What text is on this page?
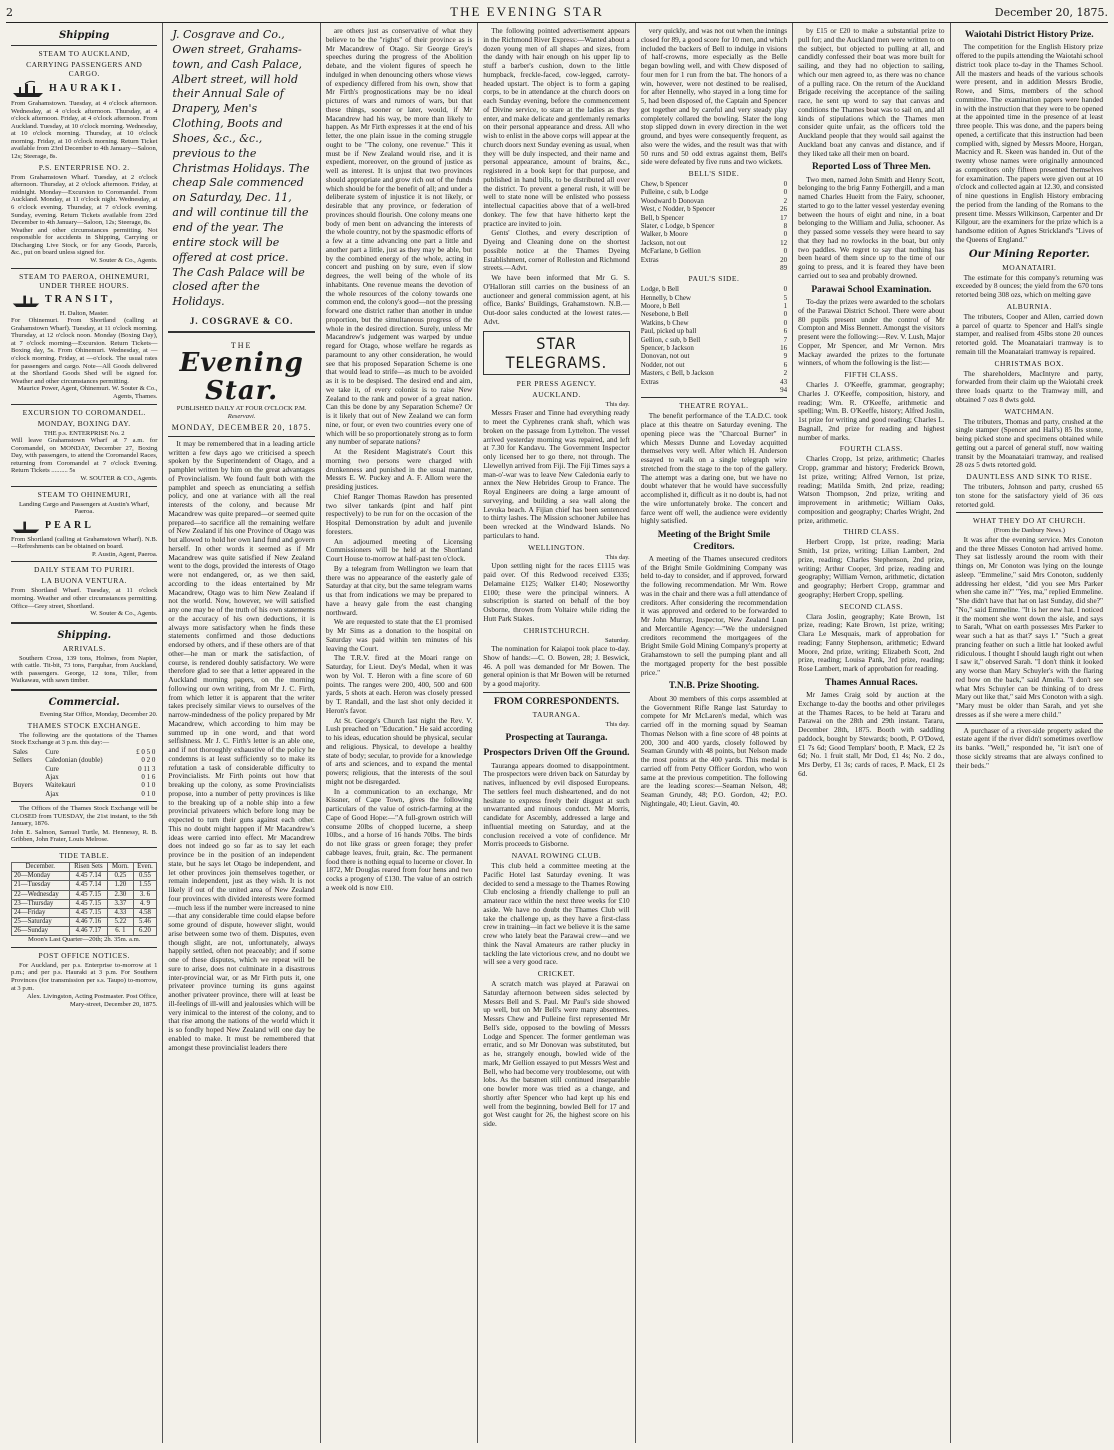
2	THE EVENING STAR	December 20, 1875.
Shipping
STEAM TO AUCKLAND,
CARRYING PASSENGERS AND CARGO.
HAURAKI.
From Grahamstown. Tuesday, at 4 o'clock afternoon. Wednesday, at 4 o'clock afternoon. Thursday, at 4 o'clock afternoon. Friday, at 4 o'clock afternoon. From Auckland. Tuesday, at 10 o'clock morning. Wednesday, at 10 o'clock morning. Thursday, at 10 o'clock morning. Friday, at 10 o'clock morning. Return Ticket available from 23rd December to 4th January—Saloon, 12s; Steerage, 8s.
P.S. ENTERPRISE NO. 2.
From Grahamstown Wharf. Tuesday, at 2 o'clock afternoon. Thursday, at 2 o'clock afternoon. Friday, at midnight. Monday—Excursion to Coromandel. From Auckland. Monday, at 11 o'clock night. Wednesday, at 6 o'clock evening. Thursday, at 7 o'clock evening. Sunday, evening. Return Tickets available from 23rd December to 4th January—Saloon, 12s; Steerage, 8s.
Weather and other circumstances permitting. Not responsible for accidents in Shipping, Carrying or Discharging Live Stock, or for any Goods, Parcels, &c., put on board unless signed for.
W. Souter & Co., Agents.
STEAM TO PAEROA, OHINEMURI, UNDER THREE HOURS.
TRANSIT,
H. Dalton, Master.
For Ohinemuri. From Shortland (calling at Grahamstown Wharf). Tuesday, at 11 o'clock morning. Thursday, at 12 o'clock noon. Monday (Boxing Day), at 7 o'clock morning—Excursion. Return Tickets—Boxing day, 5s. From Ohinemuri. Wednesday, at —o'clock morning. Friday, at —o'clock. The usual rates for passengers and cargo. Note—All Goods delivered at the Shortland Goods Shed will be signed for. Weather and other circumstances permitting.
Maurice Power, Agent, Ohinemuri. W. Souter & Co., Agents, Thames.
EXCURSION TO COROMANDEL.
MONDAY, BOXING DAY.
THE p.s. ENTERPRISE No. 2
Will leave Grahamstown Wharf at 7 a.m. for Coromandel, on MONDAY, December 27, Boxing Day, with passengers, to attend the Coromandel Races, returning from Coromandel at 7 o'clock Evening. Return Tickets .......... 5s
W. SOUTER & CO., Agents.
STEAM TO OHINEMURI,
Landing Cargo and Passengers at Austin's Wharf, Paeroa.
PEARL
From Shortland (calling at Grahamstown Wharf). N.B.—Refreshments can be obtained on board.
P. Austin, Agent, Paeroa.
DAILY STEAM TO PURIRI.
LA BUONA VENTURA.
From Shortland Wharf. Tuesday, at 11 o'clock morning. Weather and other circumstances permitting. Office—Grey street, Shortland.
W. Souter & Co., Agents.
Shipping.
ARRIVALS.

Southern Cross, 139 tons, Holmes, from Napier, with cattle. Tit-bit, 73 tons, Farquhar, from Auckland, with passengers. George, 12 tons, Tiller, from Waikawau, with sawn timber.

Commercial.
Evening Star Office, Monday, December 20.
THAMES STOCK EXCHANGE.

The following are the quotations of the Thames Stock Exchange at 3 p.m. this day:—

Sales	Cure	£ 0 5 0
Sellers	Caledonian (double)	0 2 0
	Cure	0 11 3
	Ajax	0 1 6
Buyers	Waitekauri	0 1 0
	Ajax	0 1 0

The Offices of the Thames Stock Exchange will be CLOSED from TUESDAY, the 21st instant, to the 5th January, 1876.

John E. Salmon, Samuel Turtle, M. Hennessy, R. B. Gribben, John Frater, Louis Melrose.
TIDE TABLE.
December.	Risen Sets	Morn.	Even.
20—Monday	4.45 7.14	0.25	0.55
21—Tuesday	4.45 7.14	1.20	1.55
22—Wednesday	4.45 7.15	2.30	3. 6
23—Thursday	4.45 7.15	3.37	4. 9
24—Friday	4.45 7.15	4.33	4.58
25—Saturday	4.46 7.16	5.22	5.46
26—Sunday	4.46 7.17	6. 1	6.20
Moon's Last Quarter—20th; 2h. 35m. a.m.
POST OFFICE NOTICES.

For Auckland, per p.s. Enterprise to-morrow at 1 p.m.; and per p.s. Hauraki at 3 p.m. For Southern Provinces (for transmission per s.s. Taupo) to-morrow, at 3 p.m.

Alex. Livingston, Acting Postmaster. Post Office, Mary-street, December 20, 1875.
J. Cosgrave and Co., Owen street, Grahams-town, and Cash Palace, Albert street, will hold their Annual Sale of Drapery, Men's Clothing, Boots and Shoes, &c., &c., previous to the Christmas Holidays. The cheap Sale commenced on Saturday, Dec. 11, and will continue till the end of the year. The entire stock will be offered at cost price. The Cash Palace will be closed after the Holidays.
J. COSGRAVE & CO.
THE
Evening Star.
PUBLISHED DAILY AT FOUR O'CLOCK P.M.
Reservavi.
MONDAY, DECEMBER 20, 1875.

It may be remembered that in a leading article written a few days ago we criticised a speech spoken by the Superintendent of Otago, and a pamphlet written by him on the great advantages of Provincialism. We found fault both with the pamphlet and speech as enunciating a selfish policy, and one at variance with all the real interests of the colony, and because Mr Macandrew was quite prepared—or seemed quite prepared—to sacrifice all the remaining welfare of New Zealand if his one Province of Otago was but allowed to hold her own land fund and govern herself. In other words it seemed as if Mr Macandrew was quite satisfied if New Zealand went to the dogs, provided the interests of Otago were not endangered, or, as we then said, according to the ideas entertained by Mr Macandrew, Otago was to him New Zealand if not the world. Now, however, we will satisfied any one may be of the truth of his own statements or the accuracy of his own deductions, it is always more satisfactory when he finds these statements confirmed and those deductions endorsed by others, and if these others are of that other—he man or mark the satisfaction, of course, is rendered doubly satisfactory. We were therefore glad to see that a letter appeared in the Auckland morning papers, on the morning following our own writing, from Mr J. C. Firth, from which letter it is apparent that the writer takes precisely similar views to ourselves of the narrow-mindedness of the policy prepared by Mr Macandrew, which according to him may be summed up in one word, and that word selfishness. Mr J. C. Firth's letter is an able one, and if not thoroughly exhaustive of the policy he condemns is at least sufficiently so to make its refutation a task of considerable difficulty to Provincialists. Mr Firth points out how that breaking up the colony, as some Provincialists propose, into a number of petty provinces is like to the breaking up of a noble ship into a few provincial privateers which before long may be expected to turn their guns against each other. This no doubt might happen if Mr Macandrew's ideas were carried into effect. Mr Macandrew does not indeed go so far as to say let each province be in the position of an independent state, but he says let Otago be independent, and let other provinces join themselves together, or remain independent, just as they wish. It is not likely if out of the united area of New Zealand four provinces with divided interests were formed—much less if the number were increased to nine—that any considerable time could elapse before some ground of dispute, however slight, would arise between some two of them. Disputes, even though slight, are not, unfortunately, always happily settled, often not peaceably; and if some one of these disputes, which we repeat will be sure to arise, does not culminate in a disastrous inter-provincial war, or as Mr Firth puts it, one privateer province turning its guns against another privateer province, there will at least be ill-feelings of ill-will and jealousies which will be very inimical to the interest of the colony, and to that rise among the nations of the world which it is so fondly hoped New Zealand will one day be enabled to make. It must be remembered that amongst these provincialist leaders there

are others just as conservative of what they believe to be the "rights" of their province as is Mr Macandrew of Otago. Sir George Grey's speeches during the progress of the Abolition debate, and the violent figures of speech he indulged in when denouncing others whose views of expediency differed from his own, show that Mr Firth's prognostications may be no ideal pictures of wars and rumors of wars, but that these things, sooner or later, would, if Mr Macandrew had his way, be more than likely to happen. As Mr Firth expresses it at the end of his letter, the one plain issue in the coming struggle ought to be "The colony, one revenue." This it must be if New Zealand would rise, and it is expedient, moreover, on the ground of justice as well as interest. It is unjust that two provinces should appropriate and grow rich out of the funds which should be for the benefit of all; and under a deliberate system of injustice it is not likely, or desirable that any province, or federation of provinces should flourish. One colony means one body of men bent on advancing the interests of the whole country, not by the spasmodic efforts of a few at a time advancing one part a little and another part a little, just as they may be able, but by the combined energy of the whole, acting in concert and pushing on by sure, even if slow degrees, the well being of the whole of its inhabitants. One revenue means the devotion of the whole resources of the colony towards one common end, the colony's good—not the pressing forward one district rather than another in undue proportion, but the simultaneous progress of the whole in the desired direction. Surely, unless Mr Macandrew's judgement was warped by undue regard for Otago, whose welfare he regards as paramount to any other consideration, he would see that his proposed Separation Scheme is one that would lead to strife—as much to be avoided as it is to be despised. The desired end and aim, we take it, of every colonist is to raise New Zealand to the rank and power of a great nation. Can this be done by any Separation Scheme? Or is it likely that out of New Zealand we can form nine, or four, or even two countries every one of which will be so proportionately strong as to form any number of separate nations?

At the Resident Magistrate's Court this morning two persons were charged with drunkenness and punished in the usual manner, Messrs E. W. Puckey and A. F. Allom were the presiding justices.

Chief Ranger Thomas Rawdon has presented two silver tankards (pint and half pint respectively) to be run for on the occasion of the Hospital Demonstration by adult and juvenile foresters.

An adjourned meeting of Licensing Commissioners will be held at the Shortland Court House to-morrow at half-past ten o'clock.

By a telegram from Wellington we learn that there was no appearance of the easterly gale of Saturday at that city, but the same telegram warns us that from indications we may be prepared to have a heavy gale from the east changing northward.

We are requested to state that the £1 promised by Mr Sims as a donation to the hospital on Saturday was paid within ten minutes of his leaving the Court.

The T.R.V. fired at the Moari range on Saturday, for Lieut. Dey's Medal, when it was won by Vol. T. Heron with a fine score of 60 points. The ranges were 200, 400, 500 and 600 yards, 5 shots at each. Heron was closely pressed by T. Randall, and the last shot only decided it Heron's favor.

At St. George's Church last night the Rev. V. Lush preached on "Education." He said according to his ideas, education should be physical, secular and religious. Physical, to develope a healthy state of body; secular, to provide for a knowledge of arts and sciences, and to expand the mental powers; religious, that the interests of the soul might not be disregarded.

In a communication to an exchange, Mr Kissner, of Cape Town, gives the following particulars of the value of ostrich-farming at the Cape of Good Hope:—"A full-grown ostrich will consume 20lbs of chopped lucerne, a sheep 10lbs., and a horse of 16 hands 70lbs. The birds do not like grass or green forage; they prefer cabbage leaves, fruit, grain, &c. The permanent food there is nothing equal to lucerne or clover. In 1872, Mr Douglas reared from four hens and two cocks a progeny of £130. The value of an ostrich a week old is now £10.

The following pointed advertisement appears in the Richmond River Express:—Wanted about a dozen young men of all shapes and sizes, from the dandy with hair enough on his upper lip to stuff a barber's cushion, down to the little humpback, freckle-faced, cow-legged, carroty-headed upstart. The object is to form a gaping corps, to be in attendance at the church doors on each Sunday evening, before the commencement of Divine service, to stare at the ladies as they enter, and make delicate and gentlemanly remarks on their personal appearance and dress. All who wish to enlist in the above corps will appear at the church doors next Sunday evening as usual, when they will be duly inspected, and their name and personal appearance, amount of brains, &c., registered in a book kept for that purpose, and published in hand bills, to be distributed all over the district. To prevent a general rush, it will be well to state none will be enlisted who possess intellectual capacities above that of a well-bred donkey. The few that have hitherto kept the practice are invited to join.

Gents' Clothes, and every description of Dyeing and Cleaning done on the shortest possible notice at the Thames Dyeing Establishment, corner of Rolleston and Richmond streets.—Advt.

We have been informed that Mr G. S. O'Halloran still carries on the business of an auctioneer and general commission agent, at his office, Banks' Buildings, Grahamstown. N.B.—Out-door sales conducted at the lowest rates.—Advt.

STAR TELEGRAMS.
PER PRESS AGENCY.
AUCKLAND.
This day.

Messrs Fraser and Tinne had everything ready to meet the Cyphrenes crank shaft, which was broken on the passage from Lyttelton. The vessel arrived yesterday morning was repaired, and left at 7.30 for Kandavu. The Government Inspector only licensed her to go there, not through. The Llewellyn arrived from Fiji. The Fiji Times says a man-o'-war was to leave New Caledonia early to annex the New Hebrides Group to France. The Royal Engineers are doing a large amount of surveying, and building a sea wall along the Levuka beach. A Fijian chief has been sentenced to thirty lashes. The Mission schooner Jubilee has been wrecked at the Windward Islands. No particulars to hand.

WELLINGTON.
This day.

Upon settling night for the races £1115 was paid over. Of this Redwood received £335; Delamaine £125; Walker £140; Noseworthy £100; these were the principal winners. A subscription is started on behalf of the boy Osborne, thrown from Voltaire while riding the Hutt Park Stakes.

CHRISTCHURCH.
Saturday.

The nomination for Kaiapoi took place to-day. Show of hands:—C. O. Bowen, 28; J. Beswick, 46. A poll was demanded for Mr Bowen. The general opinion is that Mr Bowen will be returned by a good majority.

FROM CORRESPONDENTS.
TAURANGA.
This day.
Prospecting at Tauranga.
Prospectors Driven Off the Ground.

Tauranga appears doomed to disappointment. The prospectors were driven back on Saturday by natives, influenced by evil disposed Europeans. The settlers feel much disheartened, and do not hesitate to express freely their disgust at such unwarranted and ruinous conduct. Mr Morris, candidate for Ascembly, addressed a large and influential meeting on Saturday, and at the conclusion received a vote of confidence. Mr Morris proceeds to Gisborne.

NAVAL ROWING CLUB.

This club held a committee meeting at the Pacific Hotel last Saturday evening. It was decided to send a message to the Thames Rowing Club enclosing a friendly challenge to pull an amateur race within the next three weeks for £10 aside. We have no doubt the Thames Club will take the challenge up, as they have a first-class crew in training—in fact we believe it is the same crew who lately beat the Parawai crew—and we think the Naval Amateurs are rather plucky in tackling the late victorious crew, and no doubt we will see a very good race.

CRICKET.

A scratch match was played at Parawai on Saturday afternoon between sides selected by Messrs Bell and S. Paul. Mr Paul's side showed up well, but on Mr Bell's were many absentees. Messrs Chew and Pulleine first represented Mr Bell's side, opposed to the bowling of Messrs Lodge and Spencer. The former gentleman was erratic, and so Mr Donovan was substituted, but as he, strangely enough, bowled wide of the mark, Mr Gellion essayed to put Messrs West and Bell, who had become very troublesome, out with lobs. As the batsmen still continued inseparable one bowler more was tried as a change, and shortly after Spencer who had kept up his end well from the beginning, bowled Bell for 17 and got West caught for 26, the highest score on his side.

very quickly, and was not out when the innings closed for 89, a good score for 10 men, and which included the backers of Bell to indulge in visions of half-crowns, more especially as the Belle began bowling well, and with Chew disposed of four men for 1 run from the bat. The honors of a win, however, were not destined to be realised, for after Hennelly, who stayed in a long time for 5, had been disposed of, the Captain and Spencer got together and by careful and very steady play completely collared the bowling. Slater the long stop slipped down in every direction in the wet ground, and byes were consequently frequent, as also were the wides, and the result was that with 50 runs and 50 odd extras against them, Bell's side were defeated by five runs and two wickets.

BELL'S SIDE.
Chew, b Spencer	0
Pulleine, c sub, b Lodge	0
Woodward b Donovan	2
West, c Nodder, b Spencer	26
Bell, b Spencer	17
Slater, c Lodge, b Spencer	8
Walker, b Moore	0
Jackson, not out	12
McFarlane, b Gellion	0
Extras	20
89
PAUL'S SIDE.
Lodge, b Bell	0
Hennelly, b Chew	5
Moore, b Bell	1
Nesebone, b Bell	0
Watkins, b Chew	0
Paul, picked up ball	6
Gellion, c sub, b Bell	7
Spencer, b Jackson	16
Donovan, not out	9
Nodder, not out	6
Masters, c Bell, b Jackson	2
Extras	43
94
THEATRE ROYAL.

The benefit performance of the T.A.D.C. took place at this theatre on Saturday evening. The opening piece was the "Charcoal Burner" in which Messrs Dunne and Loveday acquitted themselves very well. After which H. Anderson essayed to walk on a single telegraph wire stretched from the stage to the top of the gallery. The attempt was a daring one, but we have no doubt whatever that he would have successfully accomplished it, difficult as it no doubt is, had not the wire unfortunately broke. The concert and farce went off well, the audience were evidently highly satisfied.

Meeting of the Bright Smile Creditors.

A meeting of the Thames unsecured creditors of the Bright Smile Goldmining Company was held to-day to consider, and if approved, forward the following recommendation. Mr Wm. Rowe was in the chair and there was a full attendance of creditors. After considering the recommendation it was approved and ordered to be forwarded to Mr John Murray, Inspector, New Zealand Loan and Mercantile Agency:—"We the undersigned creditors recommend the mortgagees of the Bright Smile Gold Mining Company's property at Grahamstown to sell the pumping plant and all the mortgaged property for the best possible price."

T.N.B. Prize Shooting.

About 30 members of this corps assembled at the Government Rifle Range last Saturday to compete for Mr McLaren's medal, which was carried off in the morning squad by Seaman Thomas Nelson with a fine score of 48 points at 200, 300 and 400 yards, closely followed by Seaman Grundy with 48 points, but Nelson made the most points at the 400 yards. This medal is carried off from Petty Officer Gordon, who won same at the previous competition. The following are the leading scores:—Seaman Nelson, 48; Seaman Grundy, 48; P.O. Gordon, 42; P.O. Nightingale, 40; Lieut. Gavin, 40.

by £15 or £20 to make a substantial prize to pull for; and the Auckland men were written to on the subject, but objected to pulling at all, and candidly confessed their boat was more built for sailing, and they had no objection to sailing, which our men agreed to, as there was no chance of a pulling race. On the return of the Auckland Brigade receiving the acceptance of the sailing race, he sent up word to say that canvas and conditions the Thames boat was to sail on, and all kinds of stipulations which the Thames men consider quite unfair, as the officers told the Auckland people that they would sail against the Auckland boat any canvas and distance, and if they liked take all their men on board.

Reported Loss of Three Men.

Two men, named John Smith and Henry Scott, belonging to the brig Fanny Fothergill, and a man named Charles Hueitt from the Fairy, schooner, started to go to the latter vessel yesterday evening between the hours of eight and nine, in a boat belonging to the William and Julia, schooner. As they passed some vessels they were heard to say that they had no rowlocks in the boat, but only two paddles. We regret to say that nothing has been heard of them since up to the time of our going to press, and it is feared they have been carried out to sea and probably drowned.

Parawai School Examination.

To-day the prizes were awarded to the scholars of the Parawai District School. There were about 80 pupils present under the control of Mr Compton and Miss Bennett. Amongst the visitors present were the following:—Rev. V. Lush, Major Copper, Mr Spencer, and Mr Vernon. Mrs Mackay awarded the prizes to the fortunate winners, of whom the following is the list:—

FIFTH CLASS.

Charles J. O'Keeffe, grammar, geography; Charles J. O'Keeffe, composition, history, and reading; Wm. R. O'Keeffe, arithmetic and spelling; Wm. B. O'Keeffe, history; Alfred Joslin, 1st prize for writing and good reading; Charles L. Bagnall, 2nd prize for reading and highest number of marks.

FOURTH CLASS.

Charles Cropp, 1st prize, arithmetic; Charles Cropp, grammar and history; Frederick Brown, 1st prize, writing; Alfred Vernon, 1st prize, reading; Matilda Smith, 2nd prize, reading; Watson Thompson, 2nd prize, writing and improvement in arithmetic; William Oaks, composition and geography; Charles Wright, 2nd prize, arithmetic.

THIRD CLASS.

Herbert Cropp, 1st prize, reading; Maria Smith, 1st prize, writing; Lilian Lambert, 2nd prize, reading; Charles Stephenson, 2nd prize, writing; Arthur Cooper, 3rd prize, reading and geography; William Vernon, arithmetic, dictation and geography; Herbert Cropp, grammar and geography; Herbert Cropp, spelling.

SECOND CLASS.

Clara Joslin, geography; Kate Brown, 1st prize, reading; Kate Brown, 1st prize, writing; Clara Le Mesquais, mark of approbation for reading; Fanny Stephenson, arithmetic; Edward Moore, 2nd prize, writing; Elizabeth Scott, 2nd prize, reading; Louisa Pank, 3rd prize, reading; Rose Lambert, mark of approbation for reading.

Thames Annual Races.

Mr James Craig sold by auction at the Exchange to-day the booths and other privileges at the Thames Races, to be held at Tararu and Parawai on the 28th and 29th instant. Tararu, December 28th, 1875. Booth with saddling paddock, bought by Stewards; booth, P. O'Dowd, £1 7s 6d; Good Templars' booth, P. Mack, £2 2s 6d; No. 1 fruit stall, Mr Dod, £1 4s; No. 2 do., Mrs Derby, £1 3s; cards of races, P. Mack, £1 2s 6d.

Waiotahi District History Prize.

The competition for the English History prize offered to the pupils attending the Waiotahi school district took place to-day in the Thames School. All the masters and heads of the various schools were present, and in addition Messrs Brodie, Rowe, and Sims, members of the school committee. The examination papers were handed in with the instruction that they were to be opened at the appointed time in the presence of at least three people. This was done, and the papers being opened, a certificate that this instruction had been complied with, signed by Messrs Moore, Horgan, Macnicy and R. Skeen was handed in. Out of the twenty whose names were originally announced as competitors only fifteen presented themselves for examination. The papers were given out at 10 o'clock and collected again at 12.30, and consisted of nine questions in English History embracing the period from the landing of the Romans to the present time. Messrs Wilkinson, Carpenter and Dr Kilgour, are the examiners for the prize which is a handsome edition of Agnes Strickland's "Lives of the Queens of England."

Our Mining Reporter.
MOANATAIRI.

The estimate for this company's returning was exceeded by 8 ounces; the yield from the 670 tons retorted being 308 ozs, which on melting gave

ALBURNIA.

The tributers, Cooper and Allen, carried down a parcel of quartz to Spencer and Hall's single stamper, and realised from 45lbs stone 20 ounces retorted gold. The Moanataiari tramway is to remain till the Moanataiari tramway is repaired.

CHRISTMAS BOX.

The shareholders, MacIntyre and party, forwarded from their claim up the Waiotahi creek three loads quartz to the Tramway mill, and obtained 7 ozs 8 dwts gold.

WATCHMAN.

The tributers, Thomas and party, crushed at the single stamper (Spencer and Hall's) 85 lbs stone, being picked stone and specimens obtained while getting out a parcel of general stuff, now waiting transit by the Moanataiari tramway, and realised 28 ozs 5 dwts retorted gold.

DAUNTLESS AND SINK TO RISE.

The tributers, Johnson and party, crushed 65 ton stone for the satisfactory yield of 36 ozs retorted gold.

WHAT THEY DO AT CHURCH.
(From the Danbury News.)

It was after the evening service. Mrs Conoton and the three Misses Conoton had arrived home. They sat listlessly around the room with their things on, Mr Conoton was lying on the lounge asleep. "Emmeline," said Mrs Conoton, suddenly addressing her eldest, "did you see Mrs Parker when she came in?" "Yes, ma," replied Emmeline. "She didn't have that hat on last Sunday, did she?" "No," said Emmeline. "It is her new hat. I noticed it the moment she went down the aisle, and says to Sarah, 'What on earth possesses Mrs Parker to wear such a hat as that?' says I." "Such a great prancing feather on such a little hat looked awful ridiculous. I thought I should laugh right out when I saw it," observed Sarah. "I don't think it looked any worse than Mary Schuyler's with the flaring red bow on the back," said Amelia. "I don't see what Mrs Schuyler can be thinking of to dress Mary out like that," said Mrs Conoton with a sigh. "Mary must be older than Sarah, and yet she dresses as if she were a mere child."

A purchaser of a river-side property asked the estate agent if the river didn't sometimes overflow its banks. "Well," responded he, "it isn't one of those sickly streams that are always confined to their beds."
